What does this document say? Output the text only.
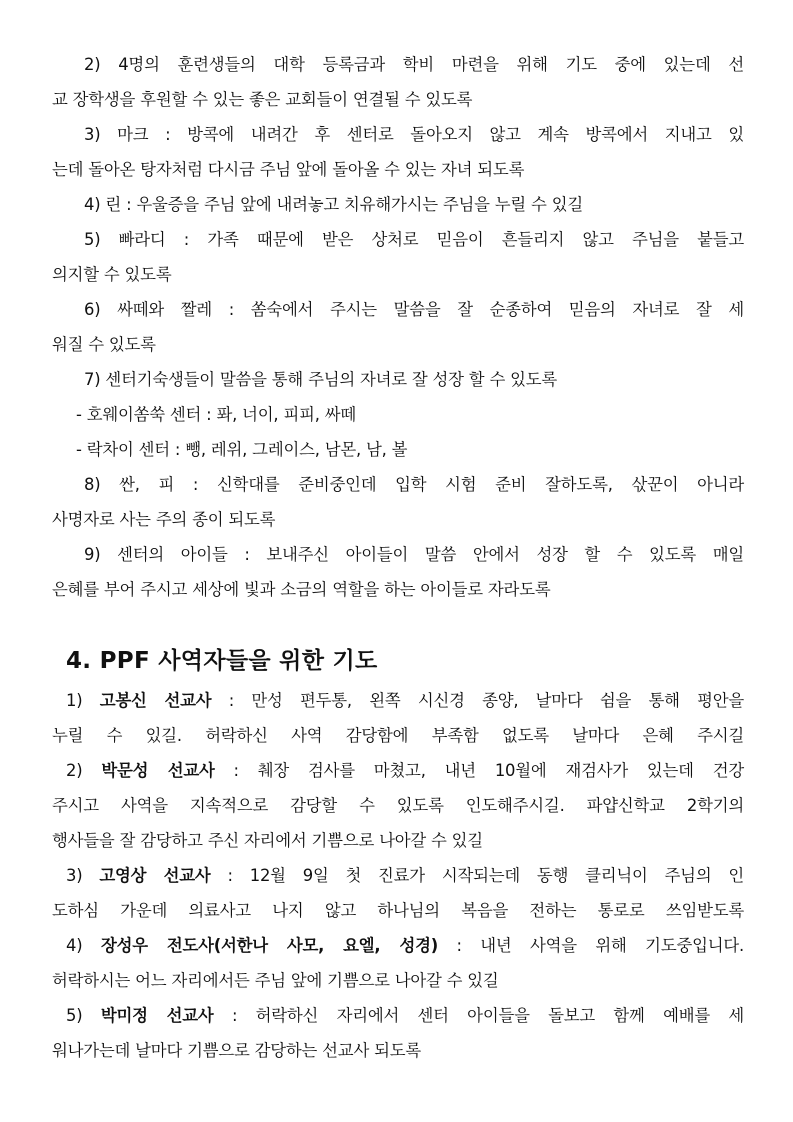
2) 4명의 훈련생들의 대학 등록금과 학비 마련을 위해 기도 중에 있는데 선
교 장학생을 후원할 수 있는 좋은 교회들이 연결될 수 있도록
3) 마크 : 방콕에 내려간 후 센터로 돌아오지 않고 계속 방콕에서 지내고 있
는데 돌아온 탕자처럼 다시금 주님 앞에 돌아올 수 있는 자녀 되도록
4) 린 : 우울증을 주님 앞에 내려놓고 치유해가시는 주님을 누릴 수 있길
5) 빠라디 : 가족 때문에 받은 상처로 믿음이 흔들리지 않고 주님을 붙들고
의지할 수 있도록
6) 싸떼와 짤레 : 쏨숙에서 주시는 말씀을 잘 순종하여 믿음의 자녀로 잘 세
워질 수 있도록
7) 센터기숙생들이 말씀을 통해 주님의 자녀로 잘 성장 할 수 있도록
- 호웨이쏨쑥 센터 : 퐈, 너이, 피피, 싸떼
- 락차이 센터 : 뺑, 레위, 그레이스, 남몬, 남, 볼
8) 싼, 피 : 신학대를 준비중인데 입학 시험 준비 잘하도록, 삯꾼이 아니라
사명자로 사는 주의 종이 되도록
9) 센터의 아이들 : 보내주신 아이들이 말씀 안에서 성장 할 수 있도록 매일
은혜를 부어 주시고 세상에 빛과 소금의 역할을 하는 아이들로 자라도록
4. PPF 사역자들을 위한 기도
1) 고봉신 선교사 : 만성 편두통, 왼쪽 시신경 종양, 날마다 쉼을 통해 평안을
누릴 수 있길. 허락하신 사역 감당함에 부족함 없도록 날마다 은혜 주시길
2) 박문성 선교사 : 췌장 검사를 마쳤고, 내년 10월에 재검사가 있는데 건강
주시고 사역을 지속적으로 감당할 수 있도록 인도해주시길. 파얍신학교 2학기의
행사들을 잘 감당하고 주신 자리에서 기쁨으로 나아갈 수 있길
3) 고영상 선교사 : 12월 9일 첫 진료가 시작되는데 동행 클리닉이 주님의 인
도하심 가운데 의료사고 나지 않고 하나님의 복음을 전하는 통로로 쓰임받도록
4) 장성우 전도사(서한나 사모, 요엘, 성경) : 내년 사역을 위해 기도중입니다.
허락하시는 어느 자리에서든 주님 앞에 기쁨으로 나아갈 수 있길
5) 박미정 선교사 : 허락하신 자리에서 센터 아이들을 돌보고 함께 예배를 세
워나가는데 날마다 기쁨으로 감당하는 선교사 되도록
